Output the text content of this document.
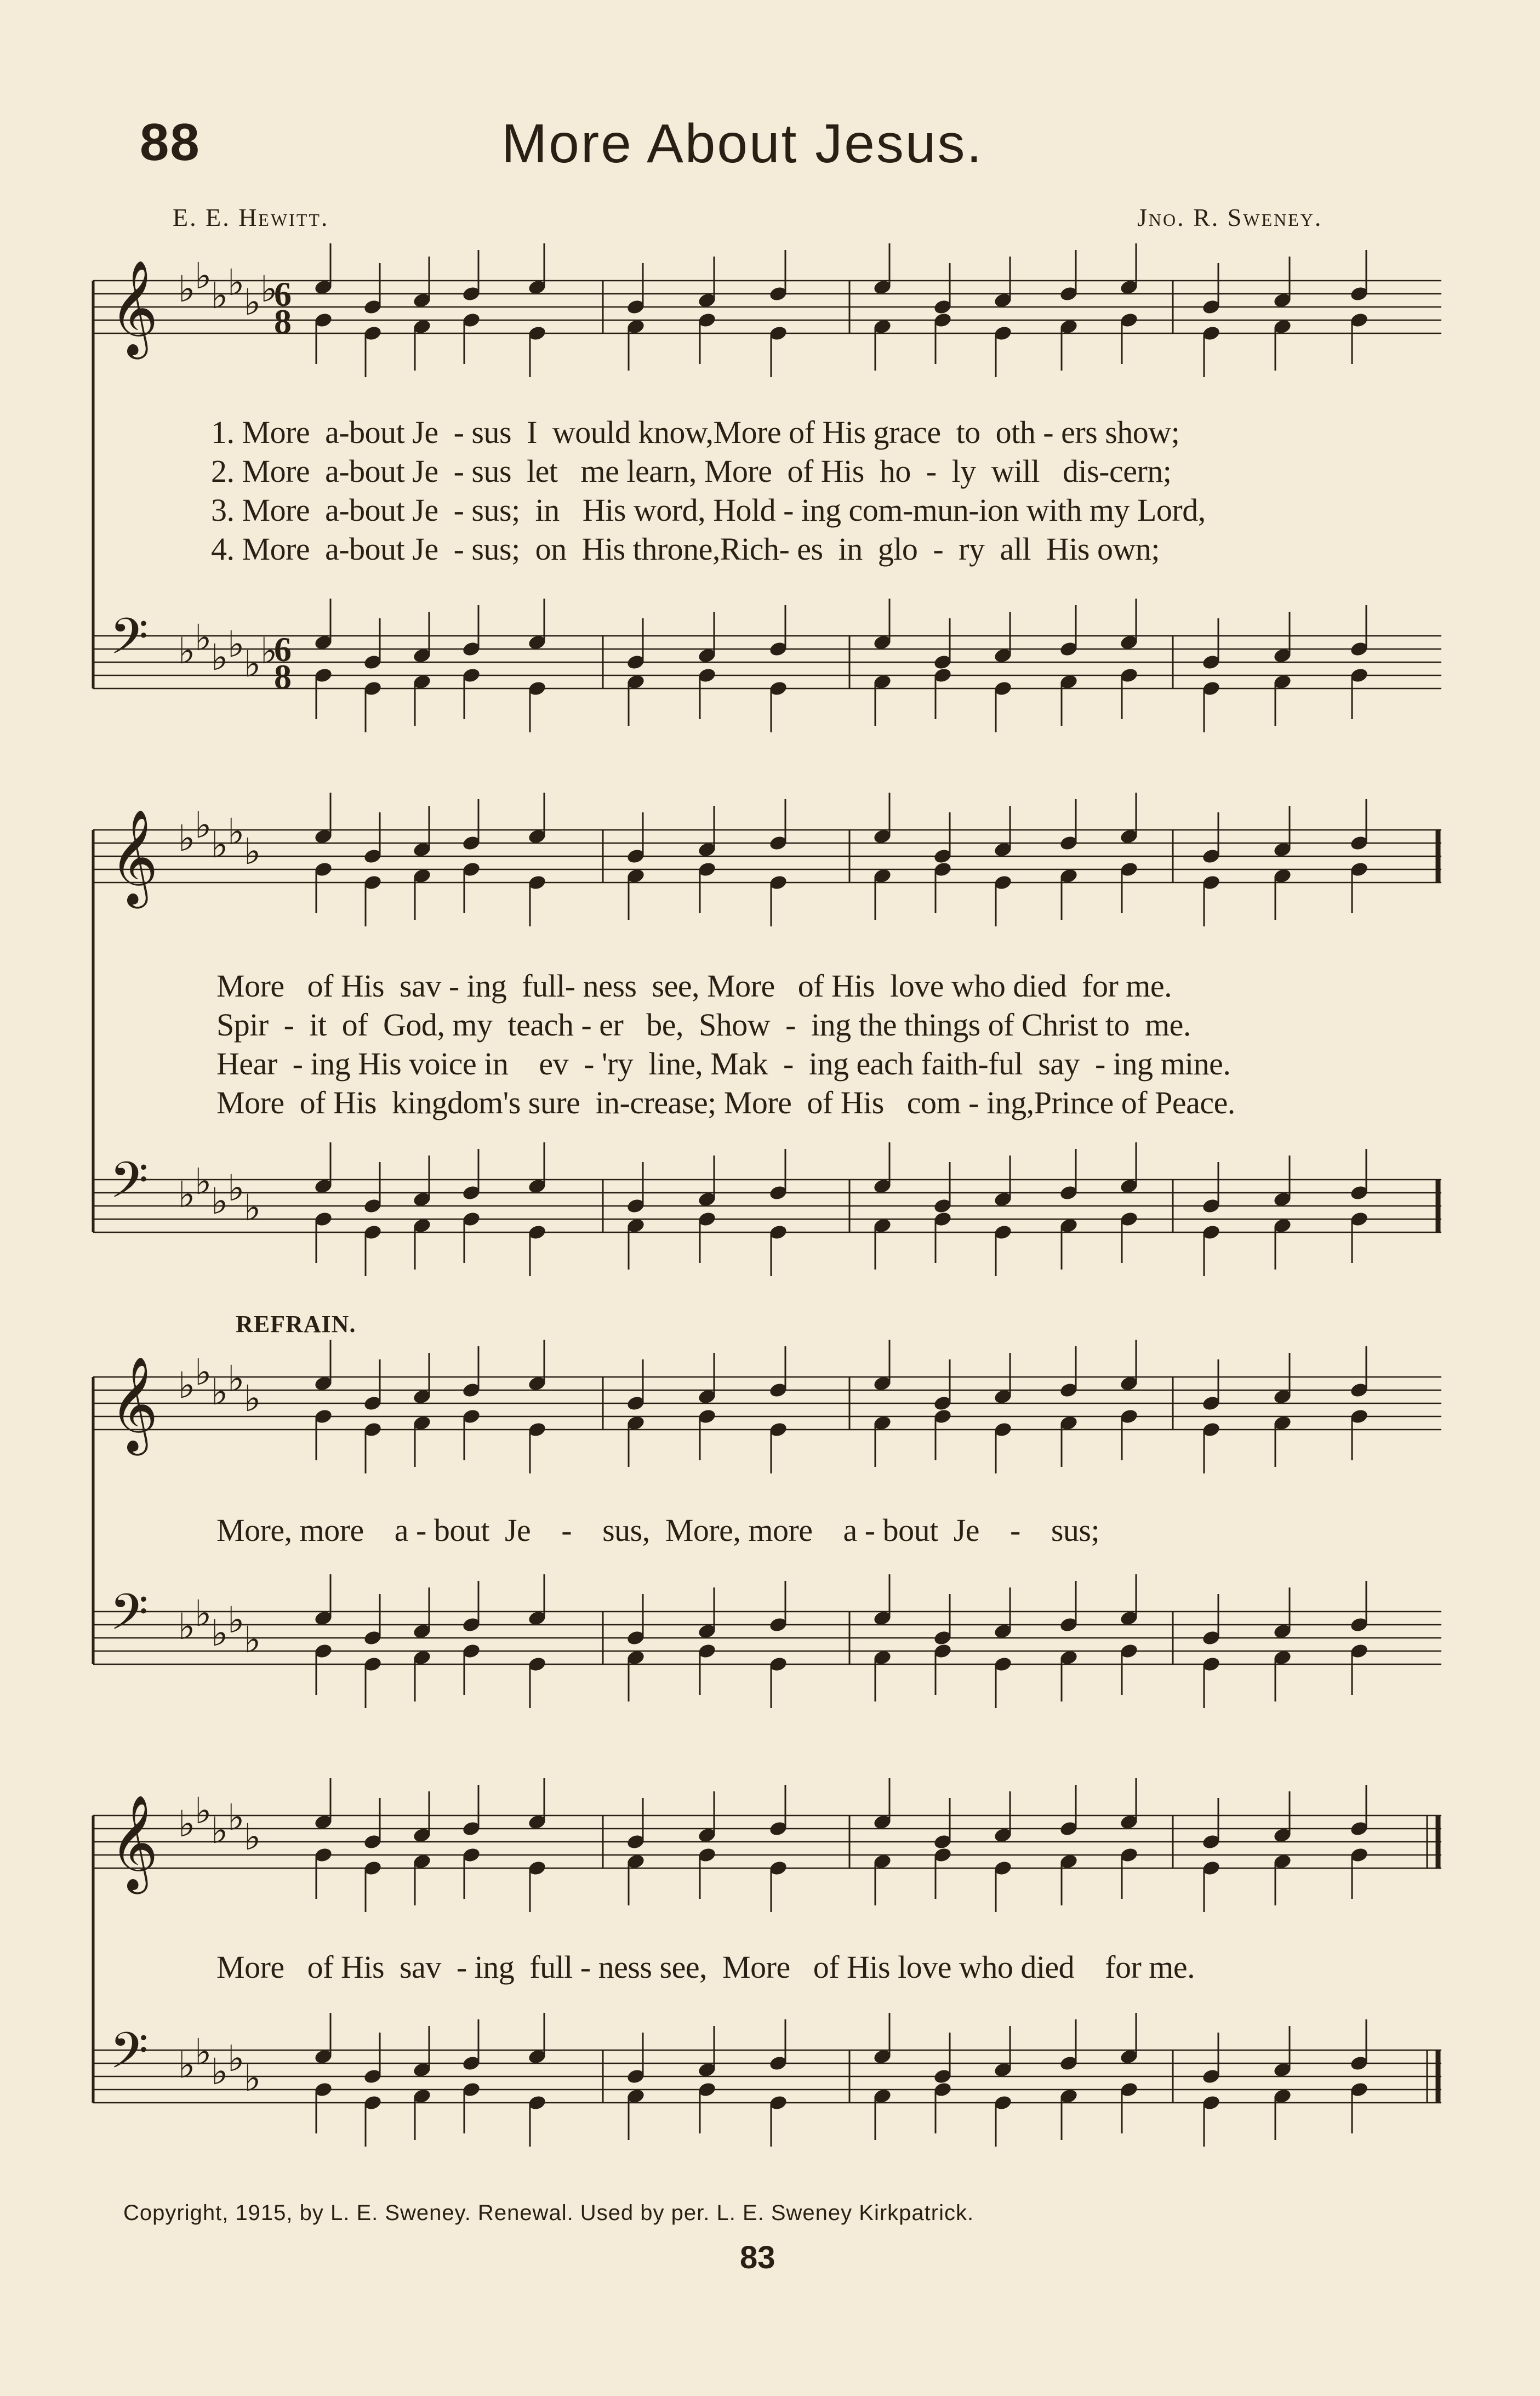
88	More About Jesus.
E. E. Hewitt.	Jno. R. Sweney.
𝄞 ♭
♭
♭
♭
♭
♭
6
8
𝄢 ♭
♭
♭
♭
♭
♭
6
8
1. More  a-bout Je  - sus  I  would know,More of His grace  to  oth - ers show;
2. More  a-bout Je  - sus  let   me learn, More  of His  ho  -  ly  will   dis-cern;
3. More  a-bout Je  - sus;  in   His word, Hold - ing com-mun-ion with my Lord,
4. More  a-bout Je  - sus;  on  His throne,Rich- es  in  glo  -  ry  all  His own;
𝄞 ♭
♭
♭
♭
♭
𝄢 ♭
♭
♭
♭
♭
More   of His  sav - ing  full- ness  see, More   of His  love who died  for me.
Spir  -  it  of  God, my  teach - er   be,  Show  -  ing the things of Christ to  me.
Hear  - ing His voice in    ev  - 'ry  line, Mak  -  ing each faith-ful  say  - ing mine.
More  of His  kingdom's sure  in-crease; More  of His   com - ing,Prince of Peace.
REFRAIN.
𝄞 ♭
♭
♭
♭
♭
𝄢 ♭
♭
♭
♭
♭
More, more    a - bout  Je    -    sus,  More, more    a - bout  Je    -    sus;
𝄞 ♭
♭
♭
♭
♭
𝄢 ♭
♭
♭
♭
♭
More   of His  sav  - ing  full - ness see,  More   of His love who died    for me.
Copyright, 1915, by L. E. Sweney. Renewal. Used by per. L. E. Sweney Kirkpatrick.
83
